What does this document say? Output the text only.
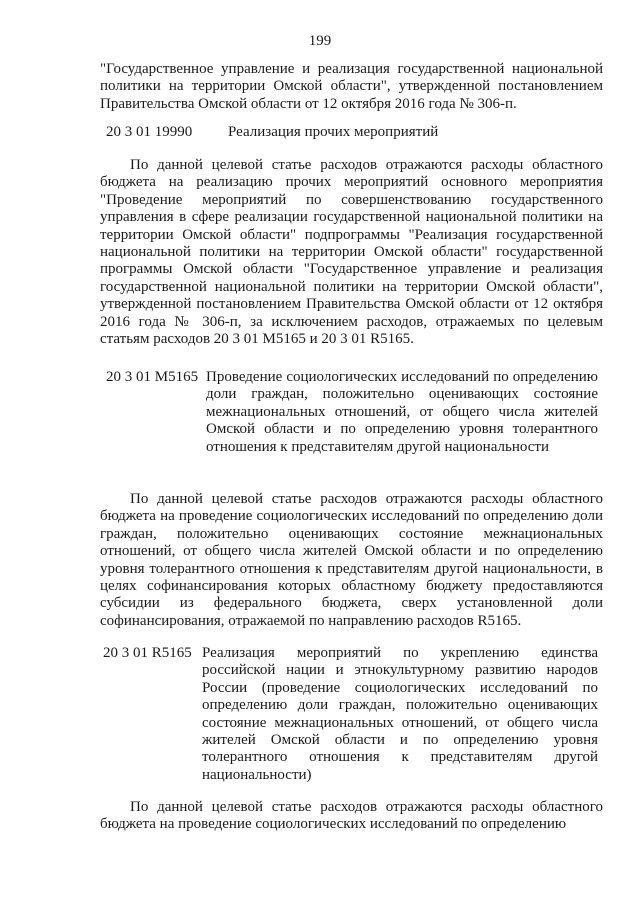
199
"Государственное управление и реализация государственной национальной политики на территории Омской области", утвержденной постановлением Правительства Омской области от 12 октября 2016 года № 306-п.
20 3 01 19990 Реализация прочих мероприятий

По данной целевой статье расходов отражаются расходы областного бюджета на реализацию прочих мероприятий основного мероприятия "Проведение мероприятий по совершенствованию государственного управления в сфере реализации государственной национальной политики на территории Омской области" подпрограммы "Реализация государственной национальной политики на территории Омской области" государственной программы Омской области "Государственное управление и реализация государственной национальной политики на территории Омской области", утвержденной постановлением Правительства Омской области от 12 октября 2016 года № 306-п, за исключением расходов, отражаемых по целевым статьям расходов 20 3 01 M5165 и 20 3 01 R5165.

20 3 01 M5165 Проведение социологических исследований по определению доли граждан, положительно оценивающих состояние межнациональных отношений, от общего числа жителей Омской области и по определению уровня толерантного отношения к представителям другой национальности

По данной целевой статье расходов отражаются расходы областного бюджета на проведение социологических исследований по определению доли граждан, положительно оценивающих состояние межнациональных отношений, от общего числа жителей Омской области и по определению уровня толерантного отношения к представителям другой национальности, в целях софинансирования которых областному бюджету предоставляются субсидии из федерального бюджета, сверх установленной доли софинансирования, отражаемой по направлению расходов R5165.

20 3 01 R5165 Реализация мероприятий по укреплению единства российской нации и этнокультурному развитию народов России (проведение социологических исследований по определению доли граждан, положительно оценивающих состояние межнациональных отношений, от общего числа жителей Омской области и по определению уровня толерантного отношения к представителям другой национальности)

По данной целевой статье расходов отражаются расходы областного бюджета на проведение социологических исследований по определению
